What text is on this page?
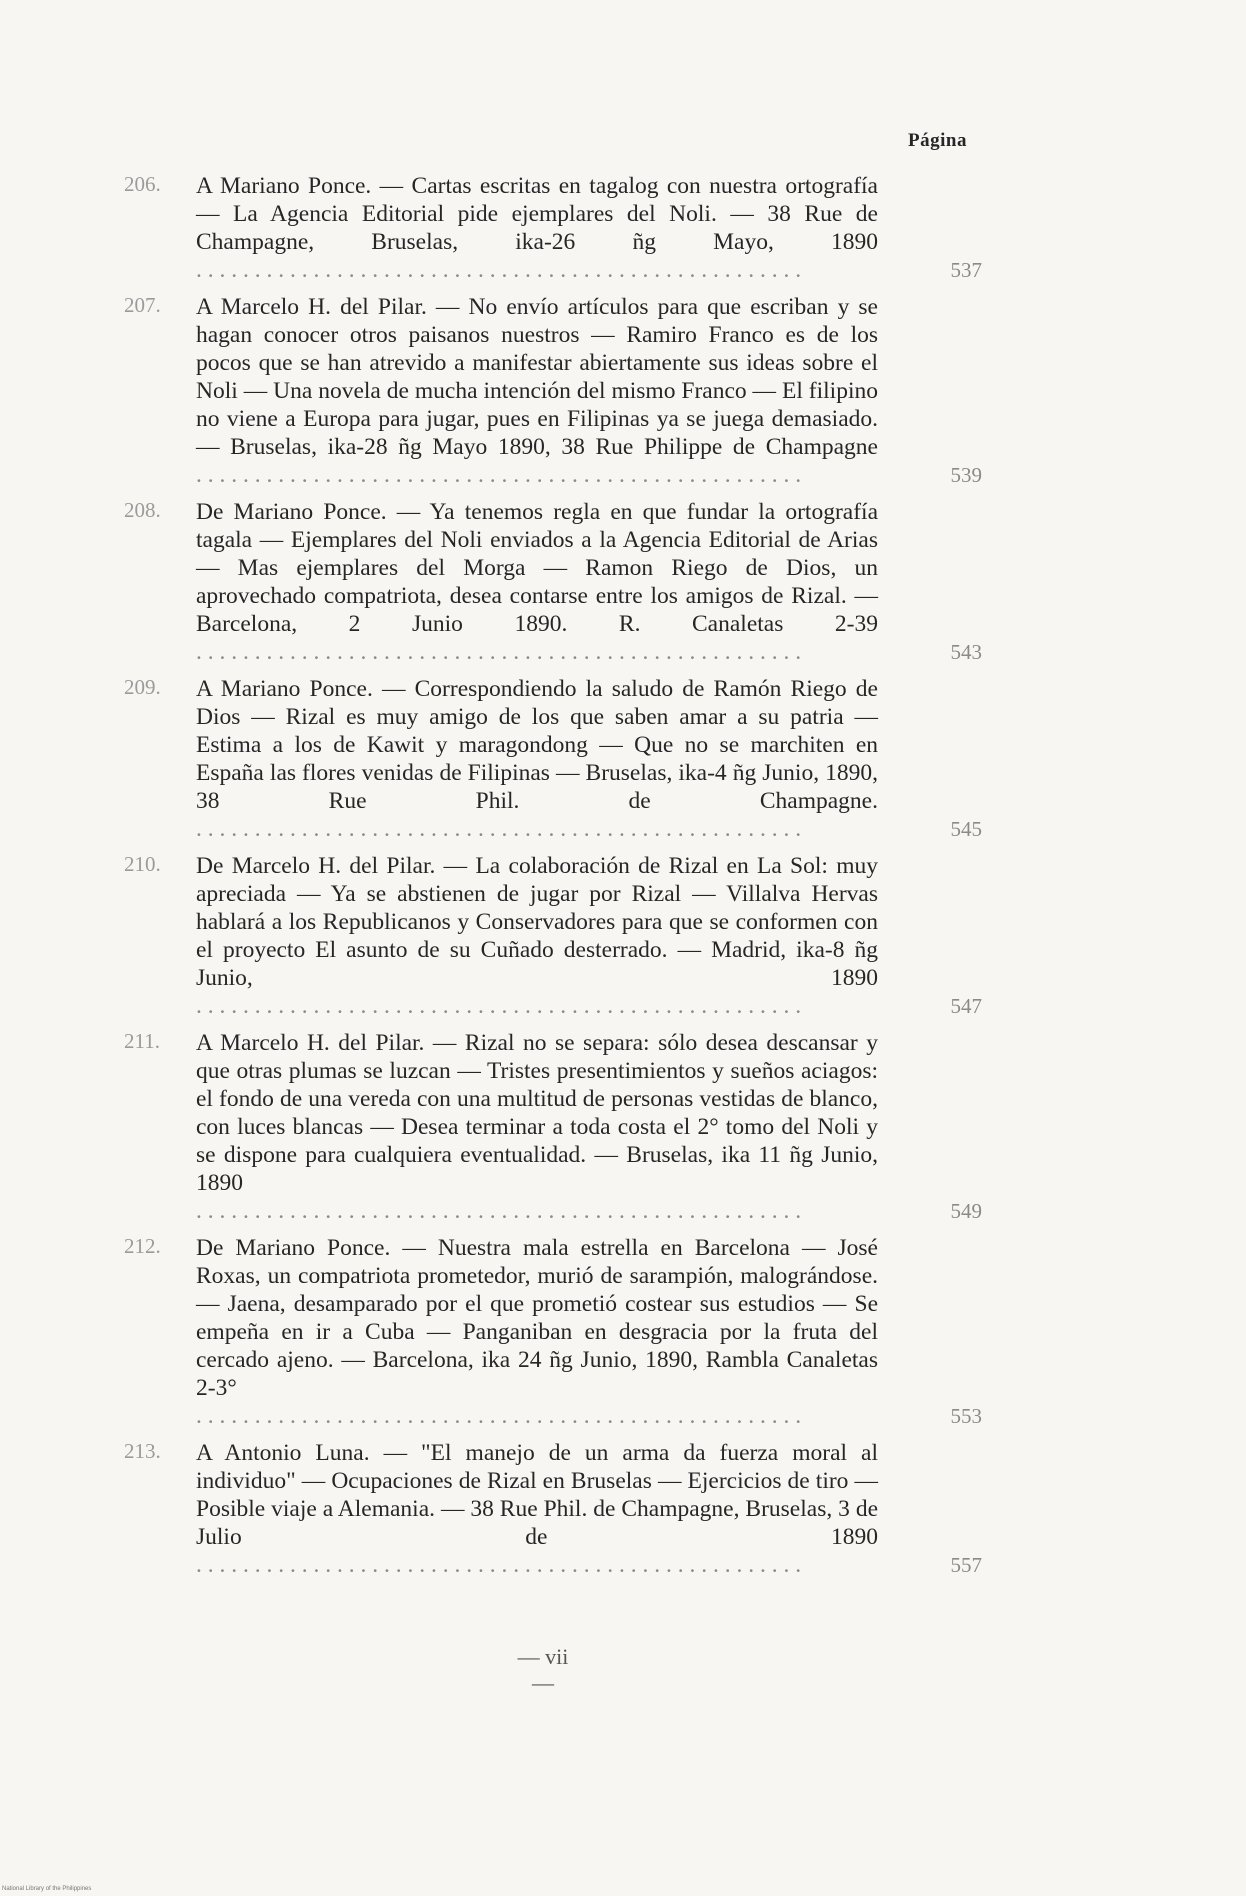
Página
206.	A Mariano Ponce. — Cartas escritas en tagalog con nuestra ortografía — La Agencia Editorial pide ejemplares del Noli. — 38 Rue de Champagne, Bruselas, ika-26 ñg Mayo, 1890
. . . . . . . . . . . . . . . . . . . . . . . . . . . . . . . . . . . . . . . . . . . . . . . . . . . .	537
207.	A Marcelo H. del Pilar. — No envío artículos para que escriban y se hagan conocer otros paisanos nuestros — Ramiro Franco es de los pocos que se han atrevido a manifestar abiertamente sus ideas sobre el Noli — Una novela de mucha intención del mismo Franco — El filipino no viene a Europa para jugar, pues en Filipinas ya se juega demasiado. — Bruselas, ika-28 ñg Mayo 1890, 38 Rue Philippe de Champagne
. . . . . . . . . . . . . . . . . . . . . . . . . . . . . . . . . . . . . . . . . . . . . . . . . . . .	539
208.	De Mariano Ponce. — Ya tenemos regla en que fundar la ortografía tagala — Ejemplares del Noli enviados a la Agencia Editorial de Arias — Mas ejemplares del Morga — Ramon Riego de Dios, un aprovechado compatriota, desea contarse entre los amigos de Rizal. — Barcelona, 2 Junio 1890. R. Canaletas 2-39
. . . . . . . . . . . . . . . . . . . . . . . . . . . . . . . . . . . . . . . . . . . . . . . . . . . .	543
209.	A Mariano Ponce. — Correspondiendo la saludo de Ramón Riego de Dios — Rizal es muy amigo de los que saben amar a su patria — Estima a los de Kawit y maragondong — Que no se marchiten en España las flores venidas de Filipinas — Bruselas, ika-4 ñg Junio, 1890, 38 Rue Phil. de Champagne.
. . . . . . . . . . . . . . . . . . . . . . . . . . . . . . . . . . . . . . . . . . . . . . . . . . . .	545
210.	De Marcelo H. del Pilar. — La colaboración de Rizal en La Sol: muy apreciada — Ya se abstienen de jugar por Rizal — Villalva Hervas hablará a los Republicanos y Conservadores para que se conformen con el proyecto El asunto de su Cuñado desterrado. — Madrid, ika-8 ñg Junio, 1890
. . . . . . . . . . . . . . . . . . . . . . . . . . . . . . . . . . . . . . . . . . . . . . . . . . . .	547
211.	A Marcelo H. del Pilar. — Rizal no se separa: sólo desea descansar y que otras plumas se luzcan — Tristes presentimientos y sueños aciagos: el fondo de una vereda con una multitud de personas vestidas de blanco, con luces blancas — Desea terminar a toda costa el 2° tomo del Noli y se dispone para cualquiera eventualidad. — Bruselas, ika 11 ñg Junio, 1890
. . . . . . . . . . . . . . . . . . . . . . . . . . . . . . . . . . . . . . . . . . . . . . . . . . . .	549
212.	De Mariano Ponce. — Nuestra mala estrella en Barcelona — José Roxas, un compatriota prometedor, murió de sarampión, malográndose. — Jaena, desamparado por el que prometió costear sus estudios — Se empeña en ir a Cuba — Panganiban en desgracia por la fruta del cercado ajeno. — Barcelona, ika 24 ñg Junio, 1890, Rambla Canaletas 2-3°
. . . . . . . . . . . . . . . . . . . . . . . . . . . . . . . . . . . . . . . . . . . . . . . . . . . .	553
213.	A Antonio Luna. — "El manejo de un arma da fuerza moral al individuo" — Ocupaciones de Rizal en Bruselas — Ejercicios de tiro — Posible viaje a Alemania. — 38 Rue Phil. de Champagne, Bruselas, 3 de Julio de 1890
. . . . . . . . . . . . . . . . . . . . . . . . . . . . . . . . . . . . . . . . . . . . . . . . . . . .	557
— vii —
National Library of the Philippines
